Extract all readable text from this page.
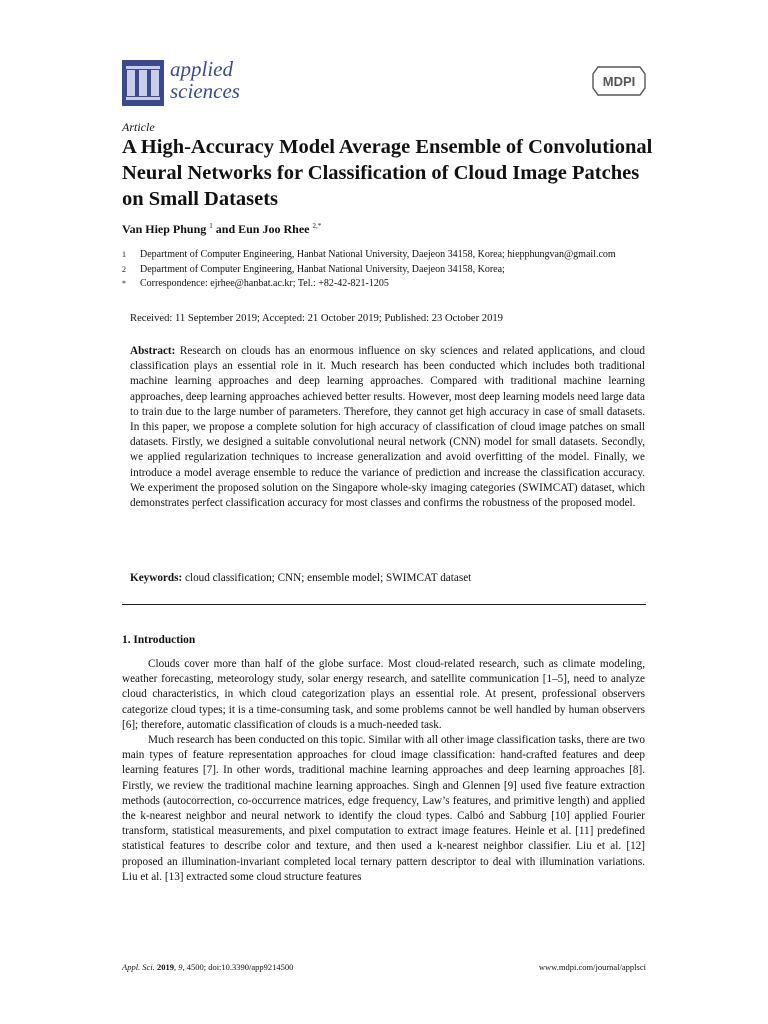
applied
sciences	MDPI
Article
A High-Accuracy Model Average Ensemble of Convolutional Neural Networks for Classification of Cloud Image Patches on Small Datasets
Van Hiep Phung $^1$ and Eun Joo Rhee $^{2,*}$
1	Department of Computer Engineering, Hanbat National University, Daejeon 34158, Korea; hiepphungvan@gmail.com
2	Department of Computer Engineering, Hanbat National University, Daejeon 34158, Korea;
*	Correspondence: ejrhee@hanbat.ac.kr; Tel.: +82-42-821-1205
Received: 11 September 2019; Accepted: 21 October 2019; Published: 23 October 2019

Abstract: Research on clouds has an enormous influence on sky sciences and related applications, and cloud classification plays an essential role in it. Much research has been conducted which includes both traditional machine learning approaches and deep learning approaches. Compared with traditional machine learning approaches, deep learning approaches achieved better results. However, most deep learning models need large data to train due to the large number of parameters. Therefore, they cannot get high accuracy in case of small datasets. In this paper, we propose a complete solution for high accuracy of classification of cloud image patches on small datasets. Firstly, we designed a suitable convolutional neural network (CNN) model for small datasets. Secondly, we applied regularization techniques to increase generalization and avoid overfitting of the model. Finally, we introduce a model average ensemble to reduce the variance of prediction and increase the classification accuracy. We experiment the proposed solution on the Singapore whole-sky imaging categories (SWIMCAT) dataset, which demonstrates perfect classification accuracy for most classes and confirms the robustness of the proposed model.

Keywords: cloud classification; CNN; ensemble model; SWIMCAT dataset
1. Introduction

Clouds cover more than half of the globe surface. Most cloud-related research, such as climate modeling, weather forecasting, meteorology study, solar energy research, and satellite communication [1–5], need to analyze cloud characteristics, in which cloud categorization plays an essential role. At present, professional observers categorize cloud types; it is a time-consuming task, and some problems cannot be well handled by human observers [6]; therefore, automatic classification of clouds is a much-needed task.

Much research has been conducted on this topic. Similar with all other image classification tasks, there are two main types of feature representation approaches for cloud image classification: hand-crafted features and deep learning features [7]. In other words, traditional machine learning approaches and deep learning approaches [8]. Firstly, we review the traditional machine learning approaches. Singh and Glennen [9] used five feature extraction methods (autocorrection, co-occurrence matrices, edge frequency, Law’s features, and primitive length) and applied the k-nearest neighbor and neural network to identify the cloud types. Calbó and Sabburg [10] applied Fourier transform, statistical measurements, and pixel computation to extract image features. Heinle et al. [11] predefined statistical features to describe color and texture, and then used a k-nearest neighbor classifier. Liu et al. [12] proposed an illumination-invariant completed local ternary pattern descriptor to deal with illumination variations. Liu et al. [13] extracted some cloud structure features

Appl. Sci. 2019, 9, 4500; doi:10.3390/app9214500	www.mdpi.com/journal/applsci
